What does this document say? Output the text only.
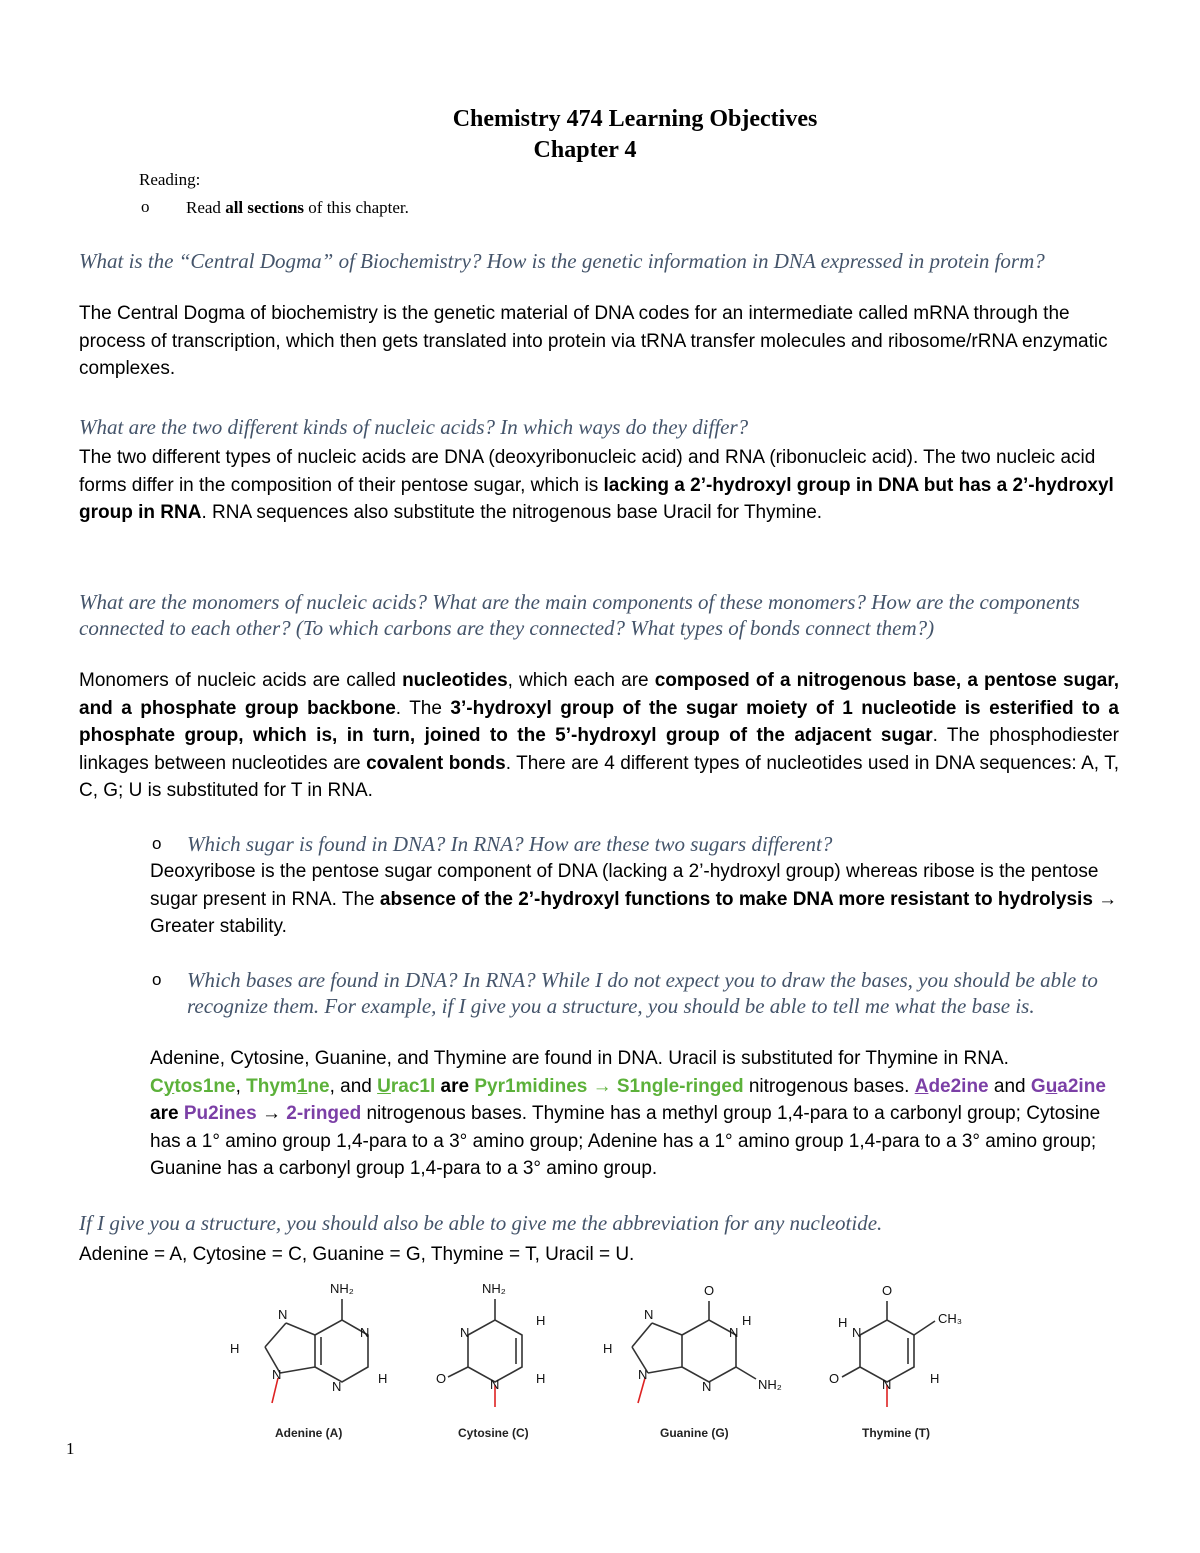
Chemistry 474 Learning Objectives
Chapter 4
Reading:
o Read all sections of this chapter.
What is the “Central Dogma” of Biochemistry? How is the genetic information in DNA expressed in protein form?
The Central Dogma of biochemistry is the genetic material of DNA codes for an intermediate called mRNA through the process of transcription, which then gets translated into protein via tRNA transfer molecules and ribosome/rRNA enzymatic complexes.
What are the two different kinds of nucleic acids? In which ways do they differ?
The two different types of nucleic acids are DNA (deoxyribonucleic acid) and RNA (ribonucleic acid). The two nucleic acid forms differ in the composition of their pentose sugar, which is lacking a 2’-hydroxyl group in DNA but has a 2’-hydroxyl group in RNA. RNA sequences also substitute the nitrogenous base Uracil for Thymine.
What are the monomers of nucleic acids? What are the main components of these monomers? How are the components connected to each other? (To which carbons are they connected? What types of bonds connect them?)
Monomers of nucleic acids are called nucleotides, which each are composed of a nitrogenous base, a pentose sugar, and a phosphate group backbone. The 3’-hydroxyl group of the sugar moiety of 1 nucleotide is esterified to a phosphate group, which is, in turn, joined to the 5’-hydroxyl group of the adjacent sugar. The phosphodiester linkages between nucleotides are covalent bonds. There are 4 different types of nucleotides used in DNA sequences: A, T, C, G; U is substituted for T in RNA.
o Which sugar is found in DNA? In RNA? How are these two sugars different?
Deoxyribose is the pentose sugar component of DNA (lacking a 2’-hydroxyl group) whereas ribose is the pentose sugar present in RNA. The absence of the 2’-hydroxyl functions to make DNA more resistant to hydrolysis → Greater stability.
o Which bases are found in DNA? In RNA? While I do not expect you to draw the bases, you should be able to recognize them. For example, if I give you a structure, you should be able to tell me what the base is.
Adenine, Cytosine, Guanine, and Thymine are found in DNA. Uracil is substituted for Thymine in RNA.
Cytos1ne, Thym1ne, and Urac1l are Pyr1midines → S1ngle-ringed nitrogenous bases. Ade2ine and Gua2ine are Pu2ines → 2-ringed nitrogenous bases. Thymine has a methyl group 1,4-para to a carbonyl group; Cytosine has a 1° amino group 1,4-para to a 3° amino group; Adenine has a 1° amino group 1,4-para to a 3° amino group; Guanine has a carbonyl group 1,4-para to a 3° amino group.
If I give you a structure, you should also be able to give me the abbreviation for any nucleotide.
Adenine = A, Cytosine = C, Guanine = G, Thymine = T, Uracil = U.
NH₂
N
N
N
N
H
H
Adenine (A)
NH₂
N
N
O
H
H
Cytosine (C)
O
N
N
H
N
N
H
NH₂
Guanine (G)
O
N
H
N
O
CH₃
H
Thymine (T)
1
